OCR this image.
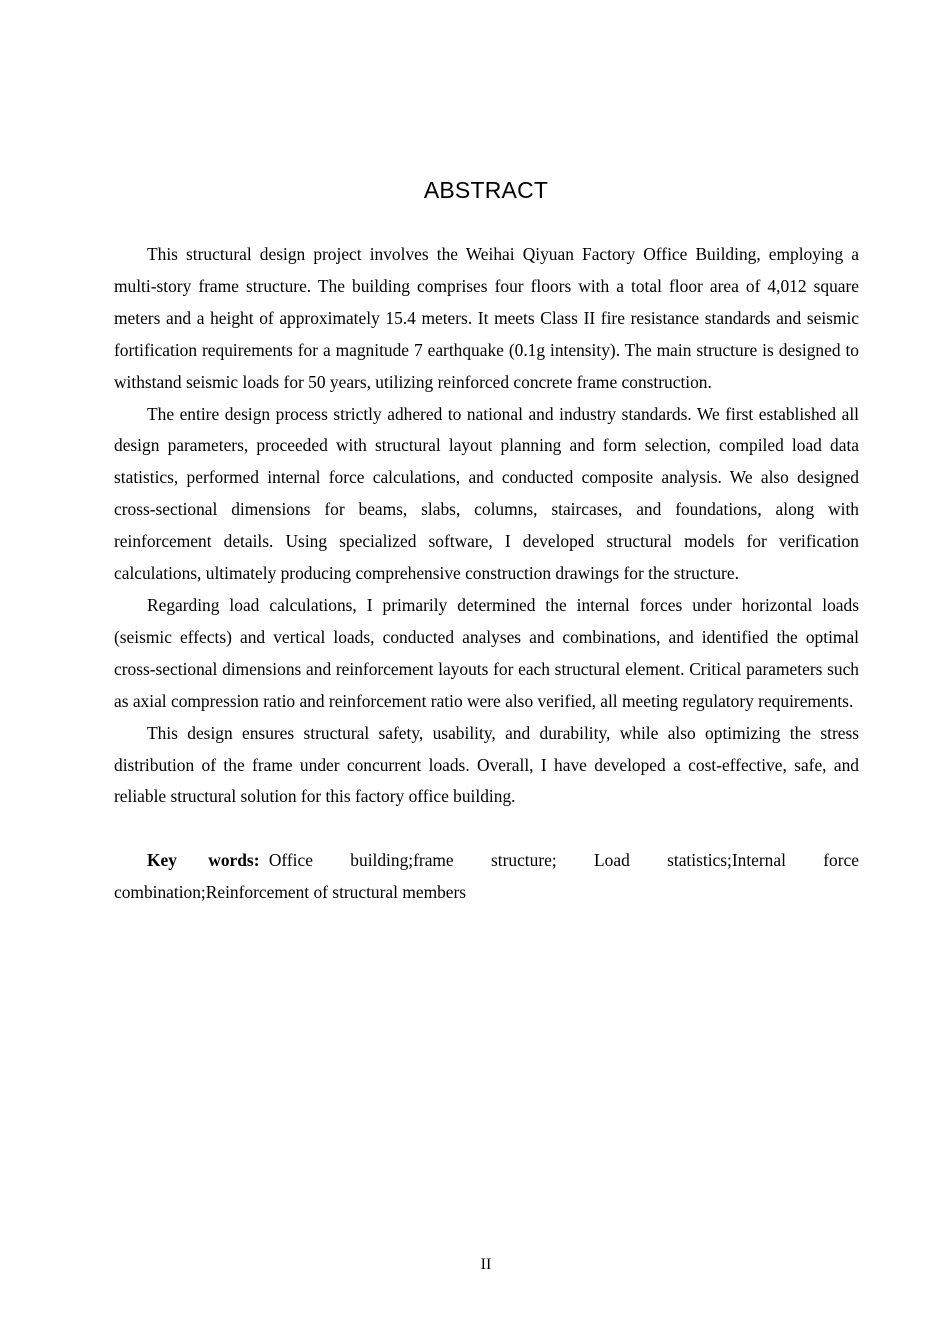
ABSTRACT

This structural design project involves the Weihai Qiyuan Factory Office Building, employing a multi-story frame structure. The building comprises four floors with a total floor area of 4,012 square meters and a height of approximately 15.4 meters. It meets Class II fire resistance standards and seismic fortification requirements for a magnitude 7 earthquake (0.1g intensity). The main structure is designed to withstand seismic loads for 50 years, utilizing reinforced concrete frame construction.

The entire design process strictly adhered to national and industry standards. We first established all design parameters, proceeded with structural layout planning and form selection, compiled load data statistics, performed internal force calculations, and conducted composite analysis. We also designed cross-sectional dimensions for beams, slabs, columns, staircases, and foundations, along with reinforcement details. Using specialized software, I developed structural models for verification calculations, ultimately producing comprehensive construction drawings for the structure.

Regarding load calculations, I primarily determined the internal forces under horizontal loads (seismic effects) and vertical loads, conducted analyses and combinations, and identified the optimal cross-sectional dimensions and reinforcement layouts for each structural element. Critical parameters such as axial compression ratio and reinforcement ratio were also verified, all meeting regulatory requirements.

This design ensures structural safety, usability, and durability, while also optimizing the stress distribution of the frame under concurrent loads. Overall, I have developed a cost-effective, safe, and reliable structural solution for this factory office building.

Key words: Office building;frame structure; Load statistics;Internal force combination;Reinforcement of structural members

II
